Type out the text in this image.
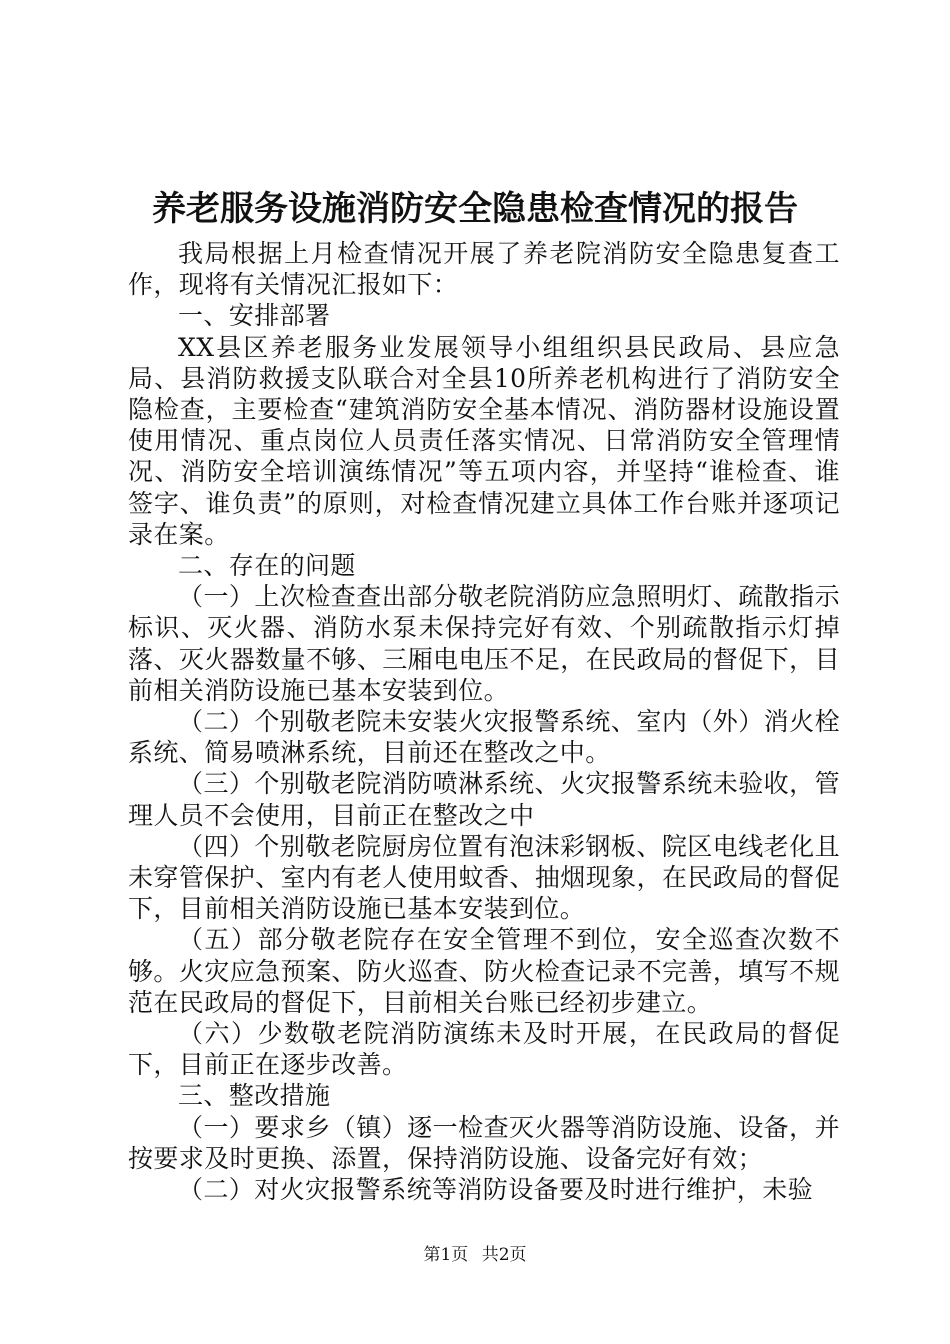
养老服务设施消防安全隐患检查情况的报告

我局根据上月检查情况开展了养老院消防安全隐患复查工作，现将有关情况汇报如下：

一、安排部署

XX县区养老服务业发展领导小组组织县民政局、县应急局、县消防救援支队联合对全县10所养老机构进行了消防安全隐检查，主要检查“建筑消防安全基本情况、消防器材设施设置使用情况、重点岗位人员责任落实情况、日常消防安全管理情况、消防安全培训演练情况”等五项内容，并坚持“谁检查、谁签字、谁负责”的原则，对检查情况建立具体工作台账并逐项记录在案。

二、存在的问题

（一）上次检查查出部分敬老院消防应急照明灯、疏散指示标识、灭火器、消防水泵未保持完好有效、个别疏散指示灯掉落、灭火器数量不够、三厢电电压不足，在民政局的督促下，目前相关消防设施已基本安装到位。

（二）个别敬老院未安装火灾报警系统、室内（外）消火栓系统、简易喷淋系统，目前还在整改之中。

（三）个别敬老院消防喷淋系统、火灾报警系统未验收，管理人员不会使用，目前正在整改之中

（四）个别敬老院厨房位置有泡沫彩钢板、院区电线老化且未穿管保护、室内有老人使用蚊香、抽烟现象，在民政局的督促下，目前相关消防设施已基本安装到位。

（五）部分敬老院存在安全管理不到位，安全巡查次数不够。火灾应急预案、防火巡查、防火检查记录不完善，填写不规范在民政局的督促下，目前相关台账已经初步建立。

（六）少数敬老院消防演练未及时开展，在民政局的督促下，目前正在逐步改善。

三、整改措施

（一）要求乡（镇）逐一检查灭火器等消防设施、设备，并按要求及时更换、添置，保持消防设施、设备完好有效；

（二）对火灾报警系统等消防设备要及时进行维护，未验

第1页 共2页
